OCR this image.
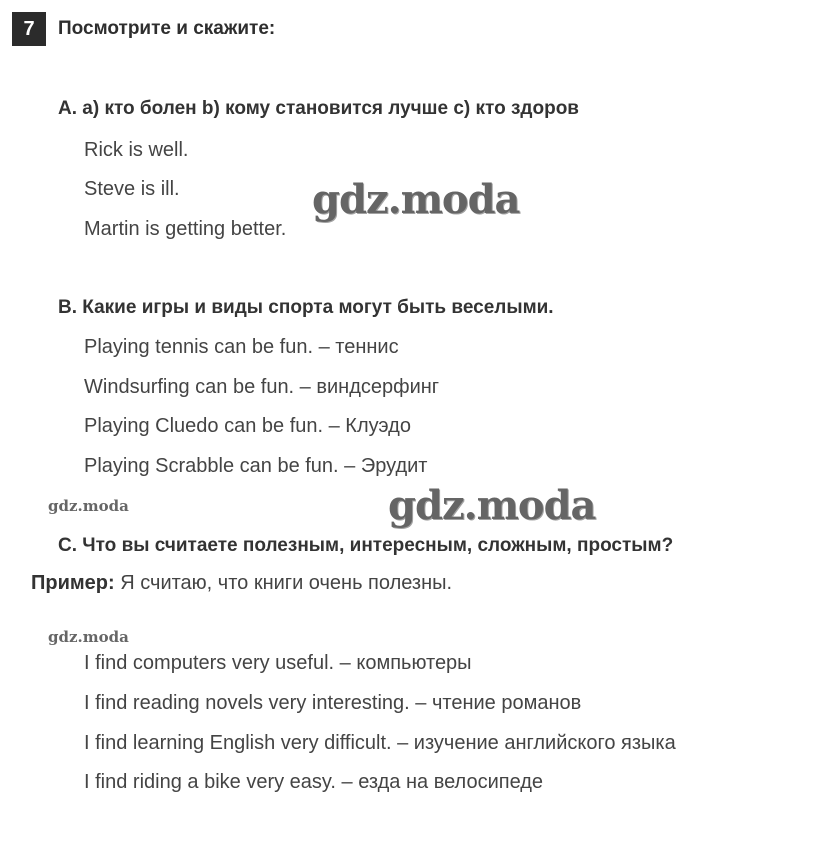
7	Посмотрите и скажите:
A. a) кто болен b) кому становится лучше c) кто здоров
Rick is well.
Steve is ill.
Martin is getting better.
B. Какие игры и виды спорта могут быть веселыми.
Playing tennis can be fun. – теннис
Windsurfing can be fun. – виндсерфинг
Playing Cluedo can be fun. – Клуэдо
Playing Scrabble can be fun. – Эрудит
C. Что вы считаете полезным, интересным, сложным, простым?
Пример: Я считаю, что книги очень полезны.
I find computers very useful. – компьютеры
I find reading novels very interesting. – чтение романов
I find learning English very difficult. – изучение английского языка
I find riding a bike very easy. – езда на велосипеде
gdz.moda
gdz.moda
gdz.moda
gdz.moda
